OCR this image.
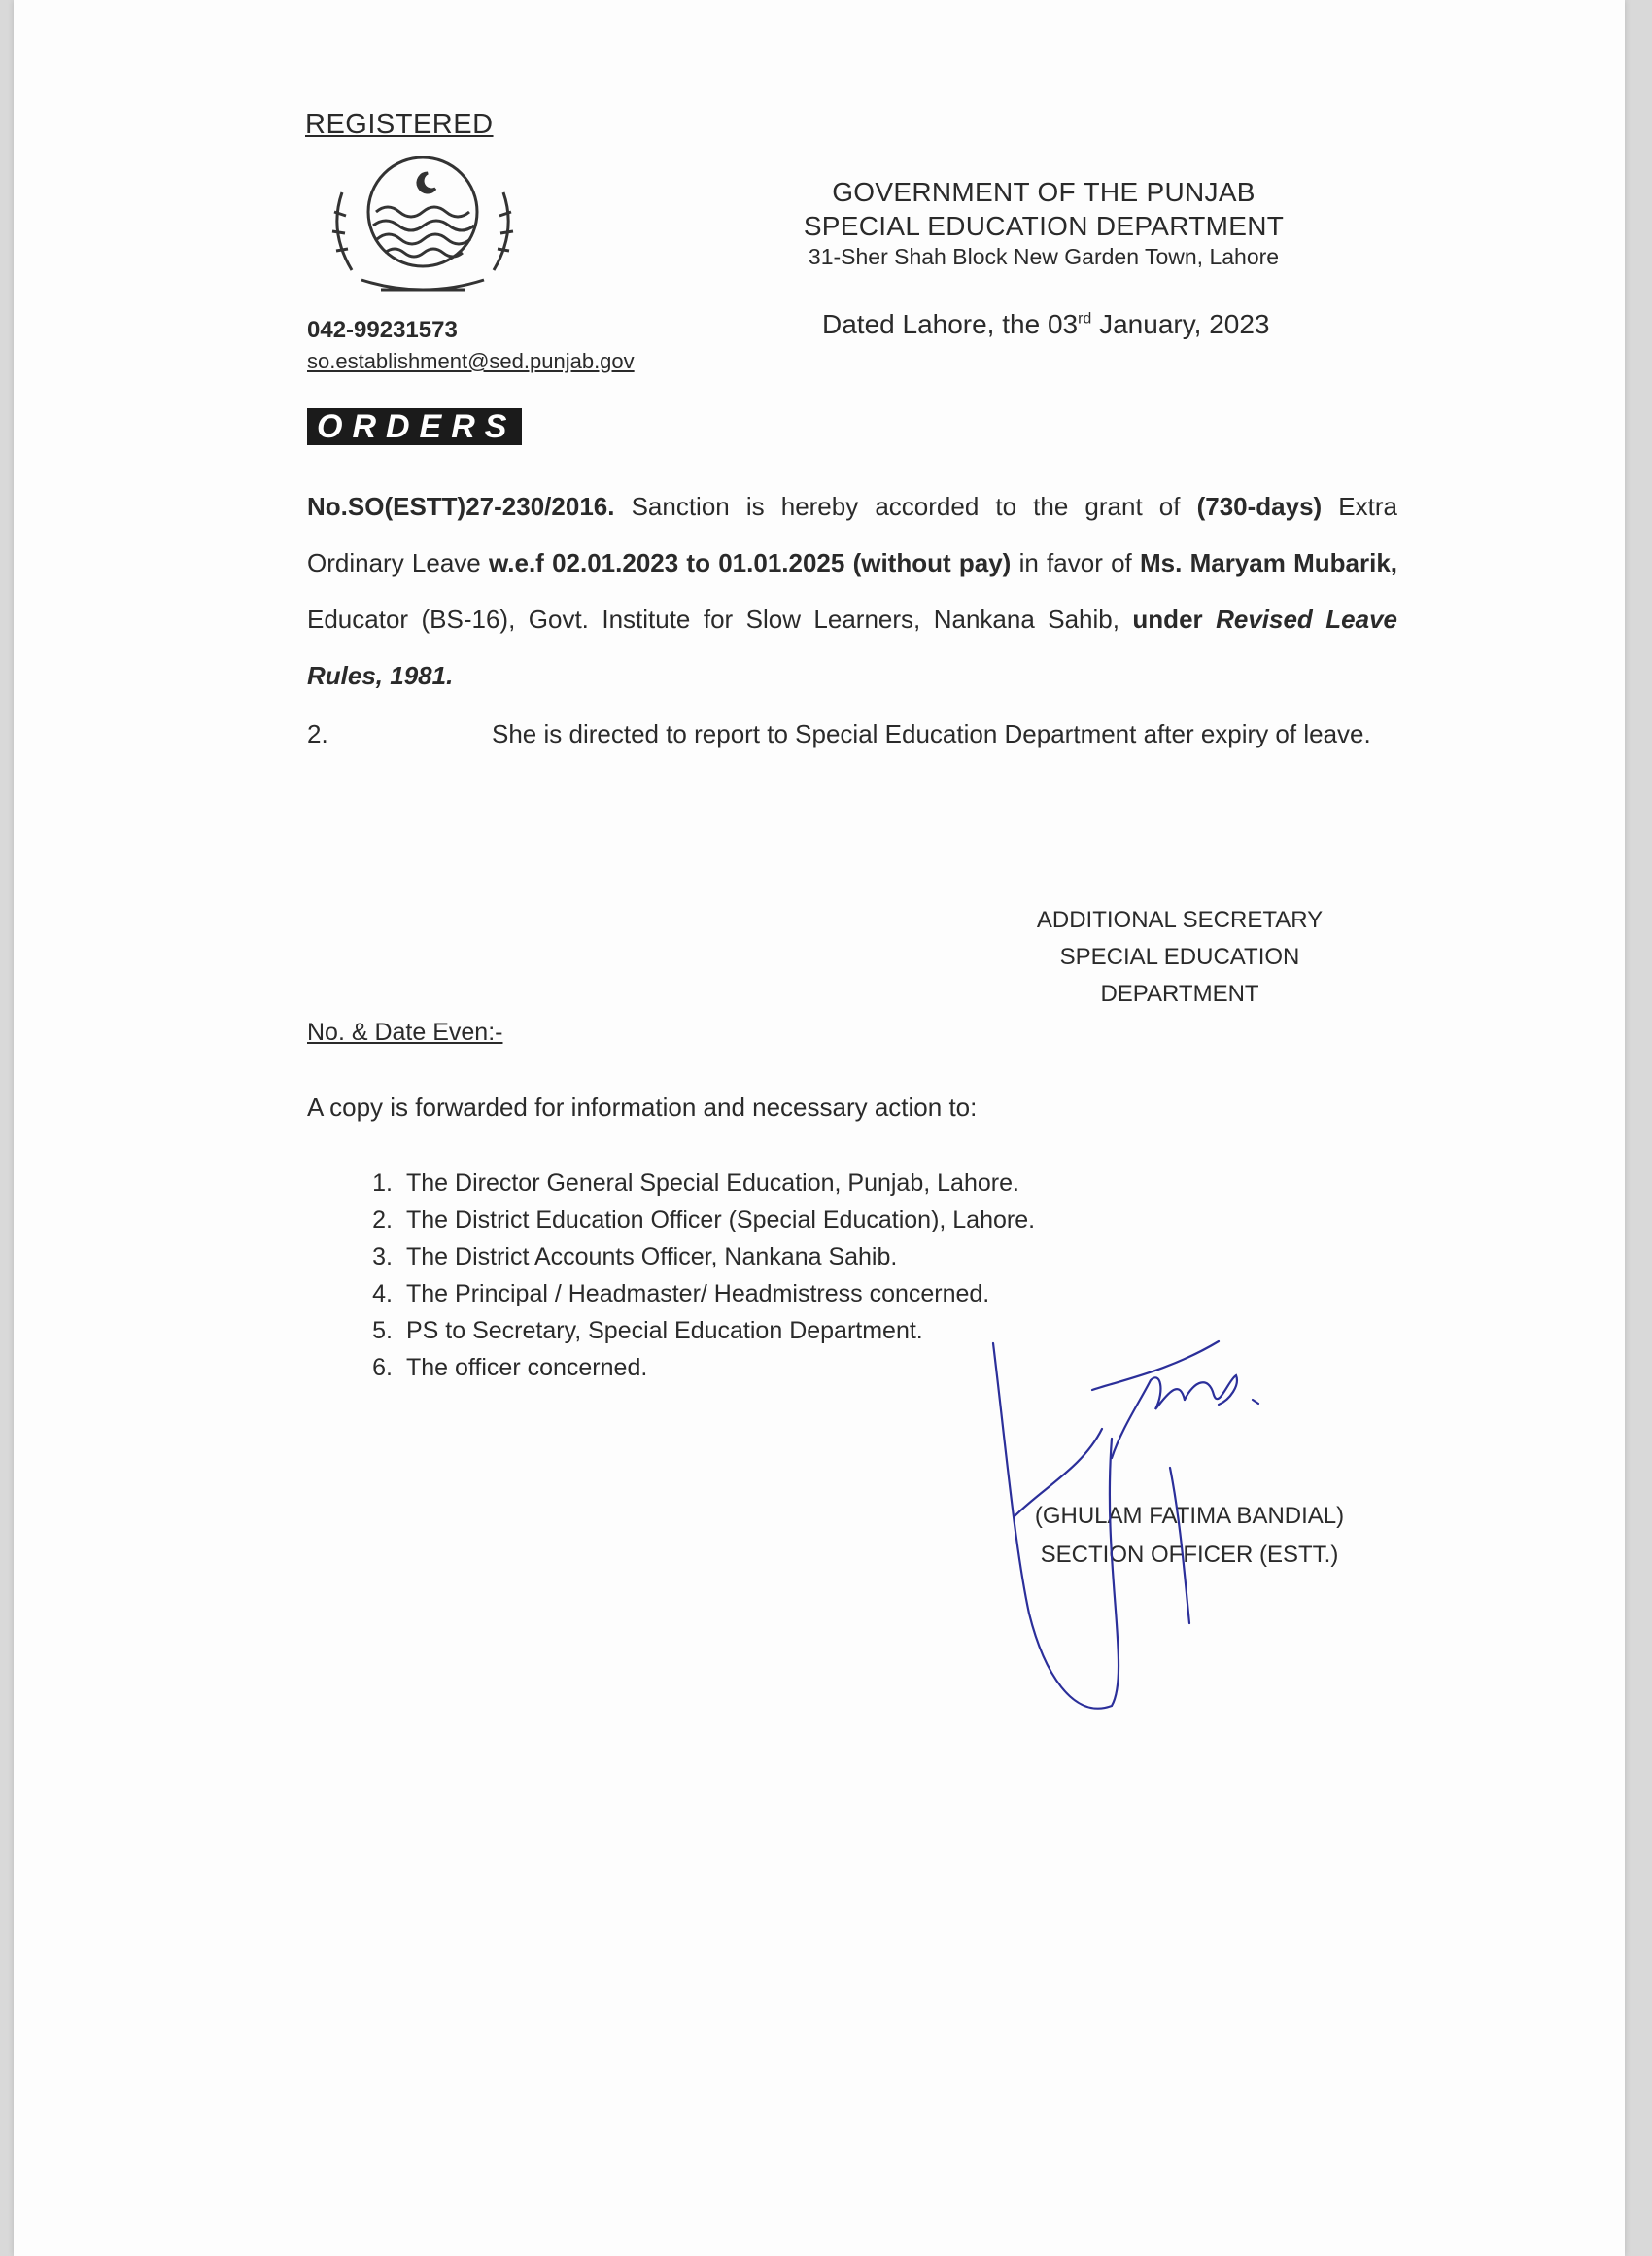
REGISTERED
042-99231573
so.establishment@sed.punjab.gov
GOVERNMENT OF THE PUNJAB
SPECIAL EDUCATION DEPARTMENT
31-Sher Shah Block New Garden Town, Lahore
Dated Lahore, the 03rd January, 2023
ORDERS
No.SO(ESTT)27-230/2016. Sanction is hereby accorded to the grant of (730-days) Extra Ordinary Leave w.e.f 02.01.2023 to 01.01.2025 (without pay) in favor of Ms. Maryam Mubarik, Educator (BS-16), Govt. Institute for Slow Learners, Nankana Sahib, under Revised Leave Rules, 1981.
2.	She is directed to report to Special Education Department after expiry of leave.
ADDITIONAL SECRETARY
SPECIAL EDUCATION
DEPARTMENT
No. & Date Even:-
A copy is forwarded for information and necessary action to:
1. The Director General Special Education, Punjab, Lahore.
2. The District Education Officer (Special Education), Lahore.
3. The District Accounts Officer, Nankana Sahib.
4. The Principal / Headmaster/ Headmistress concerned.
5. PS to Secretary, Special Education Department.
6. The officer concerned.
(GHULAM FATIMA BANDIAL)
SECTION OFFICER (ESTT.)
